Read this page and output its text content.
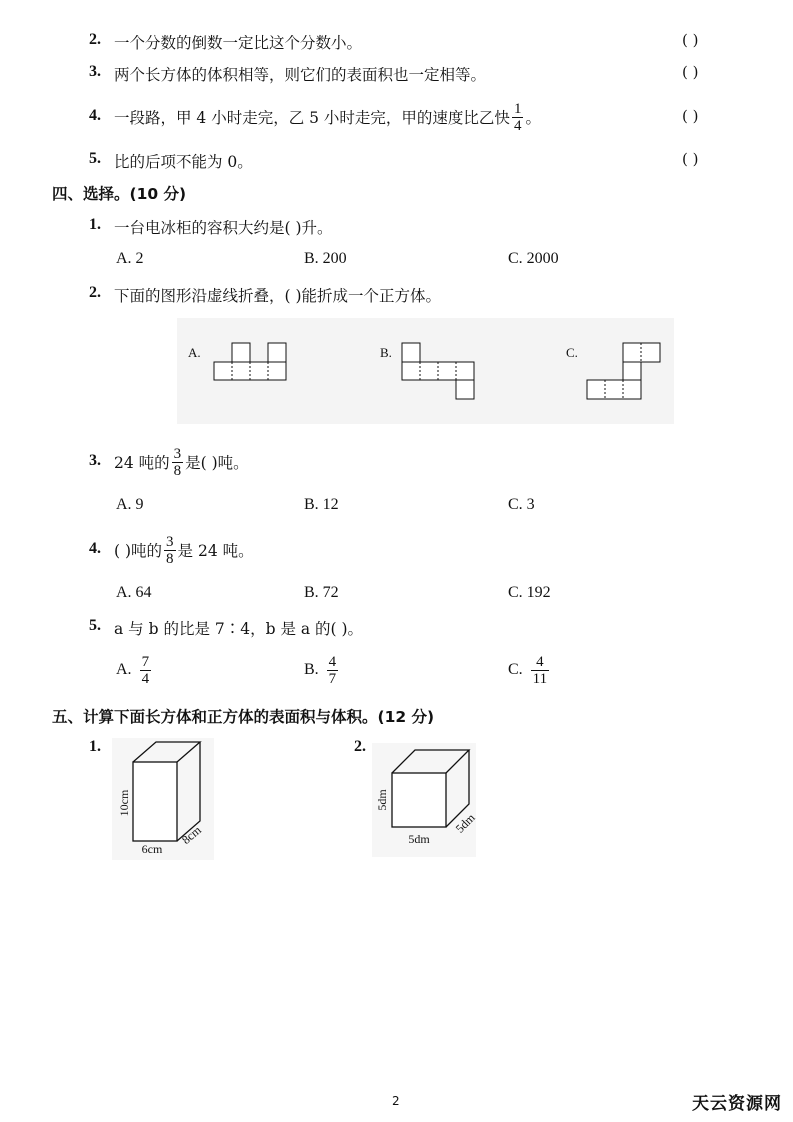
2. 一个分数的倒数一定比这个分数小。	( )
3. 两个长方体的体积相等，则它们的表面积也一定相等。	( )
4. 一段路，甲 4 小时走完，乙 5 小时走完，甲的速度比乙快 $\frac{1}{4}$ 。	( )
5. 比的后项不能为 0。	( )
四、选择。(10 分)
1. 一台电冰柜的容积大约是( )升。
A. 2	B. 200	C. 2000
2. 下面的图形沿虚线折叠，( )能折成一个正方体。
A.	B.	C.
3. 24 吨的 $\frac{3}{8}$ 是( )吨。
A. 9	B. 12	C. 3
4. ( )吨的 $\frac{3}{8}$ 是 24 吨。
A. 64	B. 72	C. 192
5. a 与 b 的比是 7∶4，b 是 a 的( )。
A. $\frac{7}{4}$	B. $\frac{4}{7}$	C. $\frac{4}{11}$
五、计算下面长方体和正方体的表面积与体积。(12 分)
1.	2.
10cm
6cm
8cm
5dm
5dm
5dm
2	天云资源网
